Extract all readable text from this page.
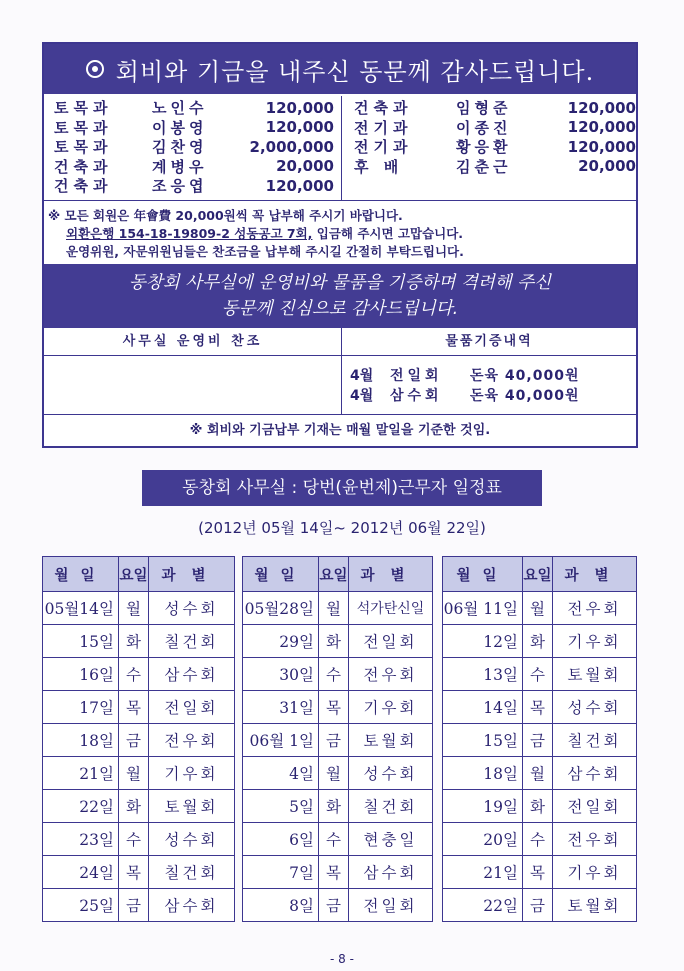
회비와 기금을 내주신 동문께 감사드립니다.
토목과	노인수	120,000
토목과	이봉영	120,000
토목과	김찬영	2,000,000
건축과	계병우	20,000
건축과	조응엽	120,000
건축과	임형준	120,000
전기과	이종진	120,000
전기과	황응환	120,000
후 배	김춘근	20,000
※ 모든 회원은 年會費 20,000원씩 꼭 납부해 주시기 바랍니다.
외환은행 154-18-19809-2 성동공고 7회, 입금해 주시면 고맙습니다.
운영위원, 자문위원님들은 찬조금을 납부해 주시길 간절히 부탁드립니다.
동창회 사무실에 운영비와 물품을 기증하며 격려해 주신
동문께 진심으로 감사드립니다.
사무실 운영비 찬조	물품기증내역
4월	전일회	돈육 40,000원
4월	삼수회	돈육 40,000원
※ 회비와 기금납부 기재는 매월 말일을 기준한 것임.
동창회 사무실 : 당번(윤번제)근무자 일정표
(2012년 05월 14일~ 2012년 06월 22일)
월일	요일	과별
05월14일	월	성수회
15일	화	칠건회
16일	수	삼수회
17일	목	전일회
18일	금	전우회
21일	월	기우회
22일	화	토월회
23일	수	성수회
24일	목	칠건회
25일	금	삼수회
월일	요일	과별
05월28일	월	석가탄신일
29일	화	전일회
30일	수	전우회
31일	목	기우회
06월 1일	금	토월회
4일	월	성수회
5일	화	칠건회
6일	수	현충일
7일	목	삼수회
8일	금	전일회
월일	요일	과별
06월 11일	월	전우회
12일	화	기우회
13일	수	토월회
14일	목	성수회
15일	금	칠건회
18일	월	삼수회
19일	화	전일회
20일	수	전우회
21일	목	기우회
22일	금	토월회
- 8 -
